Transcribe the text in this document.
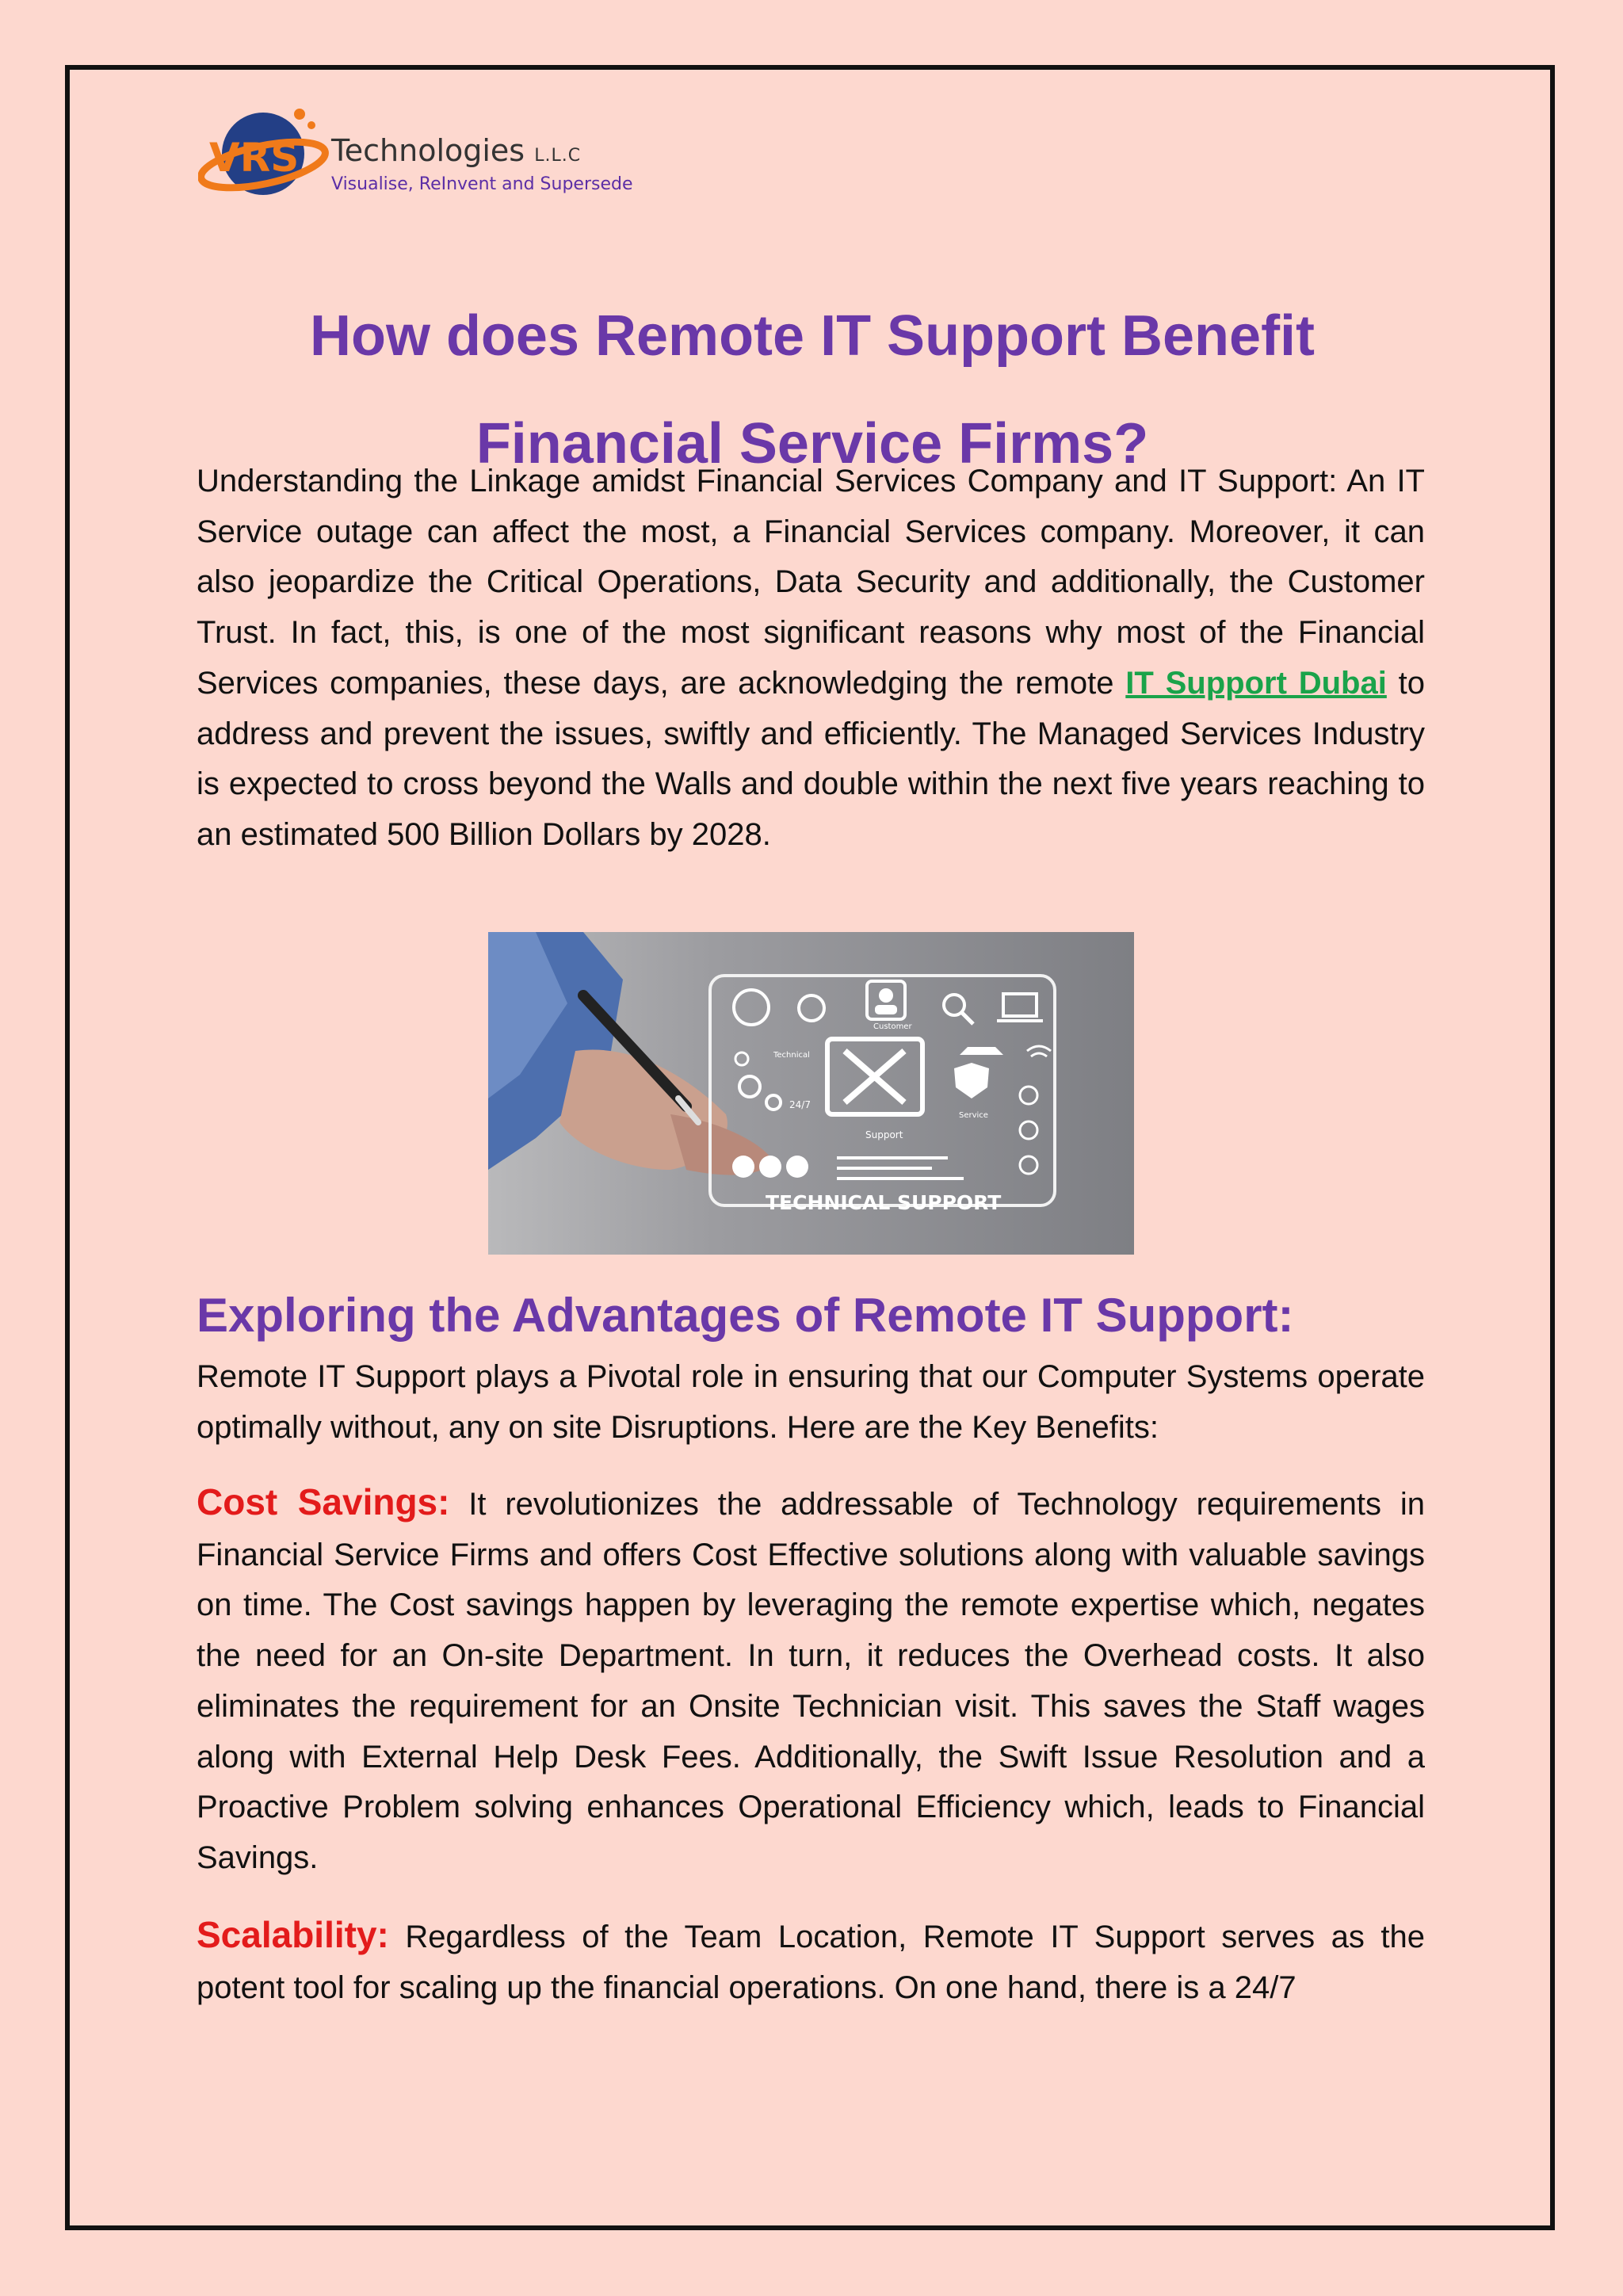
VRS Technologies L.L.C
Visualise, ReInvent and Supersede
How does Remote IT Support Benefit
Financial Service Firms?

Understanding the Linkage amidst Financial Services Company and IT Support: An IT Service outage can affect the most, a Financial Services company. Moreover, it can also jeopardize the Critical Operations, Data Security and additionally, the Customer Trust. In fact, this, is one of the most significant reasons why most of the Financial Services companies, these days, are acknowledging the remote IT Support Dubai to address and prevent the issues, swiftly and efficiently. The Managed Services Industry is expected to cross beyond the Walls and double within the next five years reaching to an estimated 500 Billion Dollars by 2028.

Customer
Technical
24/7
Service
Support
TECHNICAL SUPPORT
Exploring the Advantages of Remote IT Support:

Remote IT Support plays a Pivotal role in ensuring that our Computer Systems operate optimally without, any on site Disruptions. Here are the Key Benefits:

Cost Savings: It revolutionizes the addressable of Technology requirements in Financial Service Firms and offers Cost Effective solutions along with valuable savings on time. The Cost savings happen by leveraging the remote expertise which, negates the need for an On-site Department. In turn, it reduces the Overhead costs. It also eliminates the requirement for an Onsite Technician visit. This saves the Staff wages along with External Help Desk Fees. Additionally, the Swift Issue Resolution and a Proactive Problem solving enhances Operational Efficiency which, leads to Financial Savings.

Scalability: Regardless of the Team Location, Remote IT Support serves as the potent tool for scaling up the financial operations. On one hand, there is a 24/7
